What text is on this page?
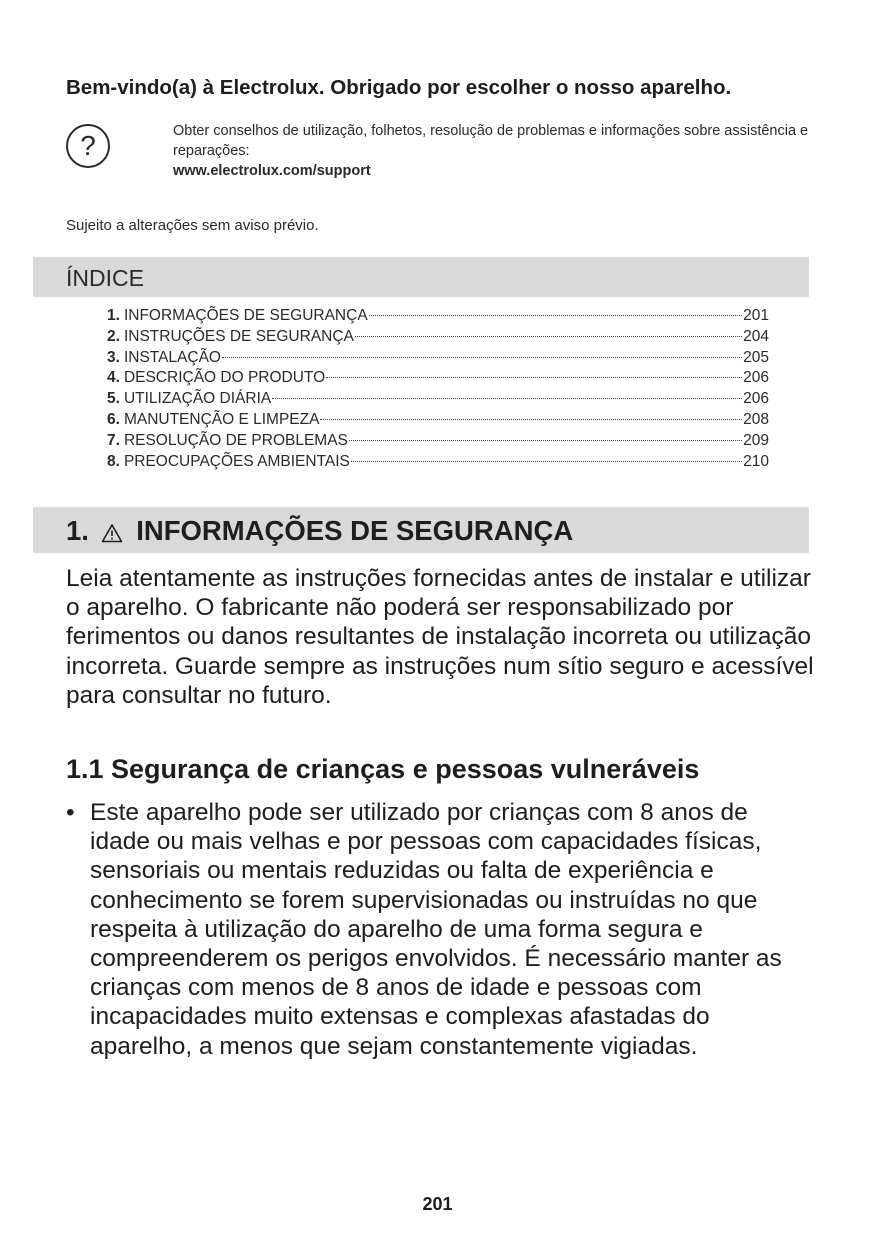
Bem-vindo(a) à Electrolux. Obrigado por escolher o nosso aparelho.
?	Obter conselhos de utilização, folhetos, resolução de problemas e informações sobre assistência e reparações:
www.electrolux.com/support
Sujeito a alterações sem aviso prévio.
ÍNDICE
1. INFORMAÇÕES DE SEGURANÇA	201
2. INSTRUÇÕES DE SEGURANÇA	204
3. INSTALAÇÃO	205
4. DESCRIÇÃO DO PRODUTO	206
5. UTILIZAÇÃO DIÁRIA	206
6. MANUTENÇÃO E LIMPEZA	208
7. RESOLUÇÃO DE PROBLEMAS	209
8. PREOCUPAÇÕES AMBIENTAIS	210
1. INFORMAÇÕES DE SEGURANÇA

Leia atentamente as instruções fornecidas antes de instalar e utilizar o aparelho. O fabricante não poderá ser responsabilizado por ferimentos ou danos resultantes de instalação incorreta ou utilização incorreta. Guarde sempre as instruções num sítio seguro e acessível para consultar no futuro.

1.1 Segurança de crianças e pessoas vulneráveis
• Este aparelho pode ser utilizado por crianças com 8 anos de idade ou mais velhas e por pessoas com capacidades físicas, sensoriais ou mentais reduzidas ou falta de experiência e conhecimento se forem supervisionadas ou instruídas no que respeita à utilização do aparelho de uma forma segura e compreenderem os perigos envolvidos. É necessário manter as crianças com menos de 8 anos de idade e pessoas com incapacidades muito extensas e complexas afastadas do aparelho, a menos que sejam constantemente vigiadas.
201
